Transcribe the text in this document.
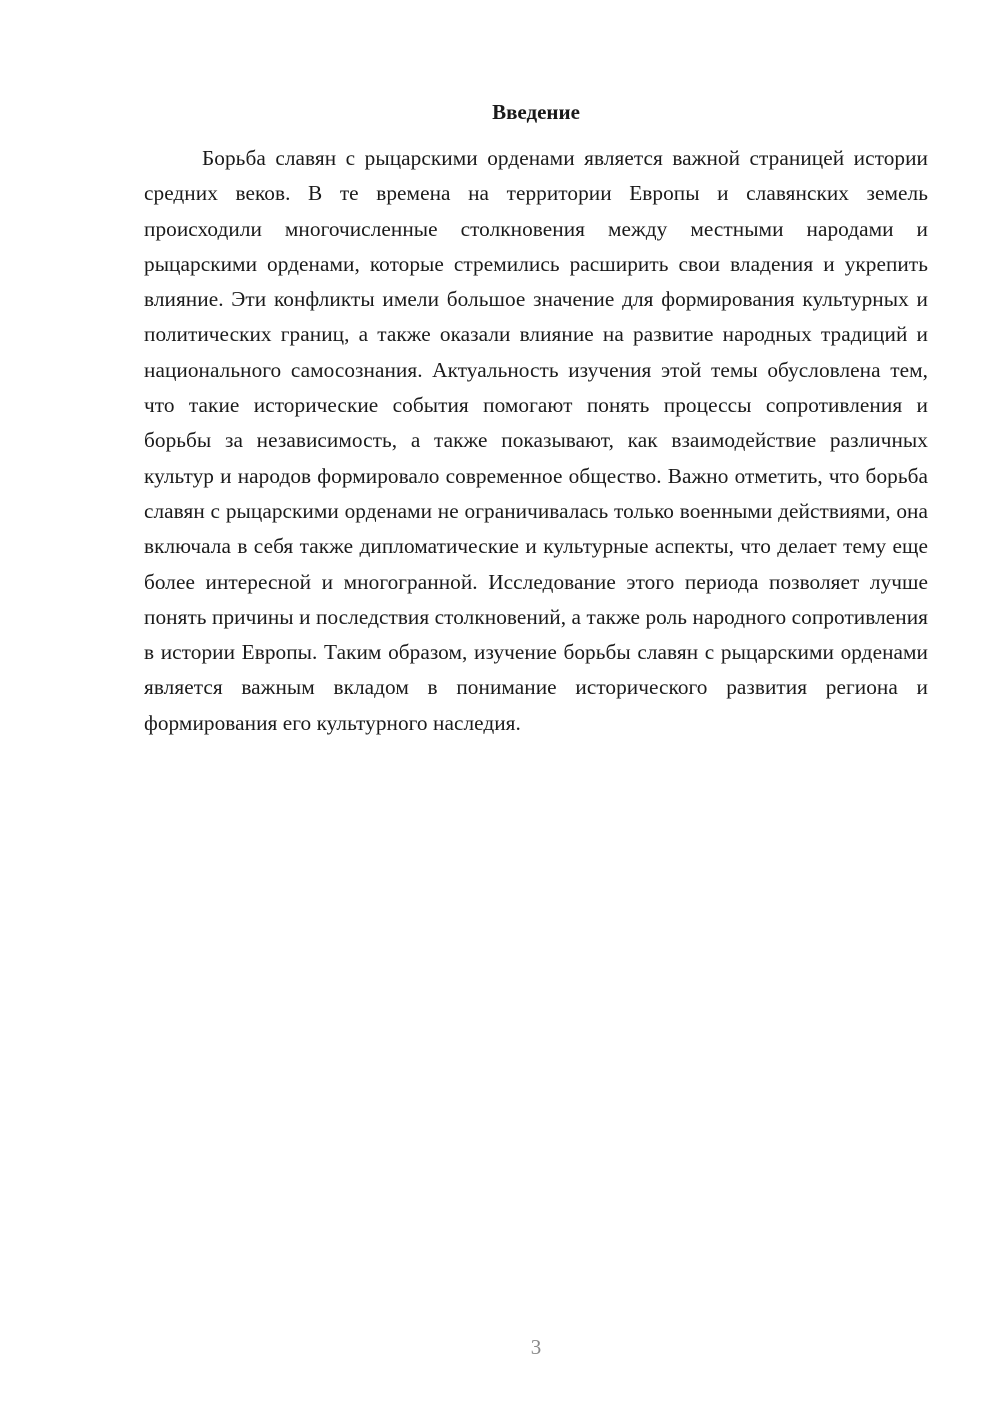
Введение

Борьба славян с рыцарскими орденами является важной страницей истории средних веков. В те времена на территории Европы и славянских земель происходили многочисленные столкновения между местными народами и рыцарскими орденами, которые стремились расширить свои владения и укрепить влияние. Эти конфликты имели большое значение для формирования культурных и политических границ, а также оказали влияние на развитие народных традиций и национального самосознания. Актуальность изучения этой темы обусловлена тем, что такие исторические события помогают понять процессы сопротивления и борьбы за независимость, а также показывают, как взаимодействие различных культур и народов формировало современное общество. Важно отметить, что борьба славян с рыцарскими орденами не ограничивалась только военными действиями, она включала в себя также дипломатические и культурные аспекты, что делает тему еще более интересной и многогранной. Исследование этого периода позволяет лучше понять причины и последствия столкновений, а также роль народного сопротивления в истории Европы. Таким образом, изучение борьбы славян с рыцарскими орденами является важным вкладом в понимание исторического развития региона и формирования его культурного наследия.

3
